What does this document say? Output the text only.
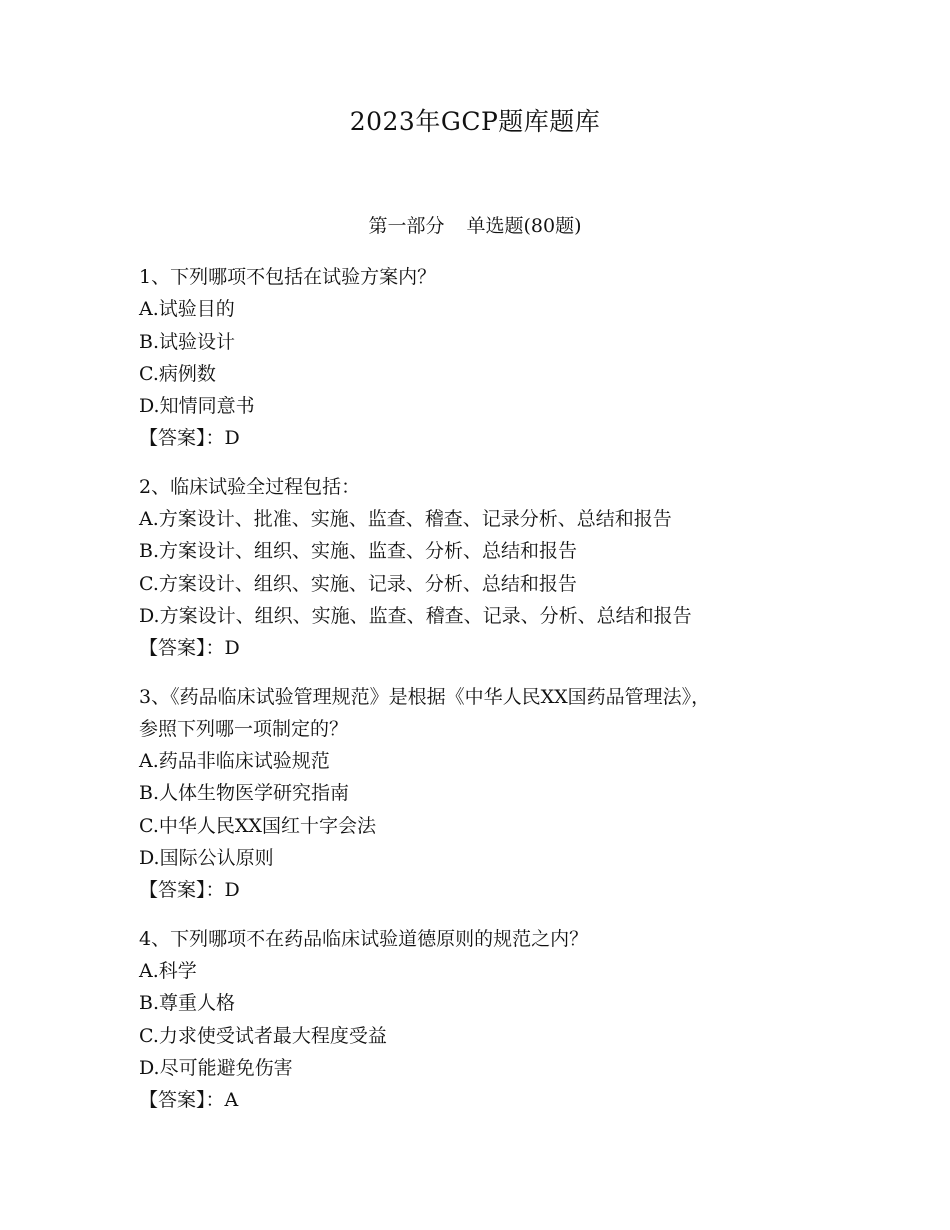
2023年GCP题库题库
第一部分 单选题(80题)
1、下列哪项不包括在试验方案内？
A.试验目的
B.试验设计
C.病例数
D.知情同意书
【答案】：D
2、临床试验全过程包括：
A.方案设计、批准、实施、监查、稽查、记录分析、总结和报告
B.方案设计、组织、实施、监查、分析、总结和报告
C.方案设计、组织、实施、记录、分析、总结和报告
D.方案设计、组织、实施、监查、稽查、记录、分析、总结和报告
【答案】：D
3、《药品临床试验管理规范》是根据《中华人民XX国药品管理法》，
参照下列哪一项制定的？
A.药品非临床试验规范
B.人体生物医学研究指南
C.中华人民XX国红十字会法
D.国际公认原则
【答案】：D
4、下列哪项不在药品临床试验道德原则的规范之内？
A.科学
B.尊重人格
C.力求使受试者最大程度受益
D.尽可能避免伤害
【答案】：A
